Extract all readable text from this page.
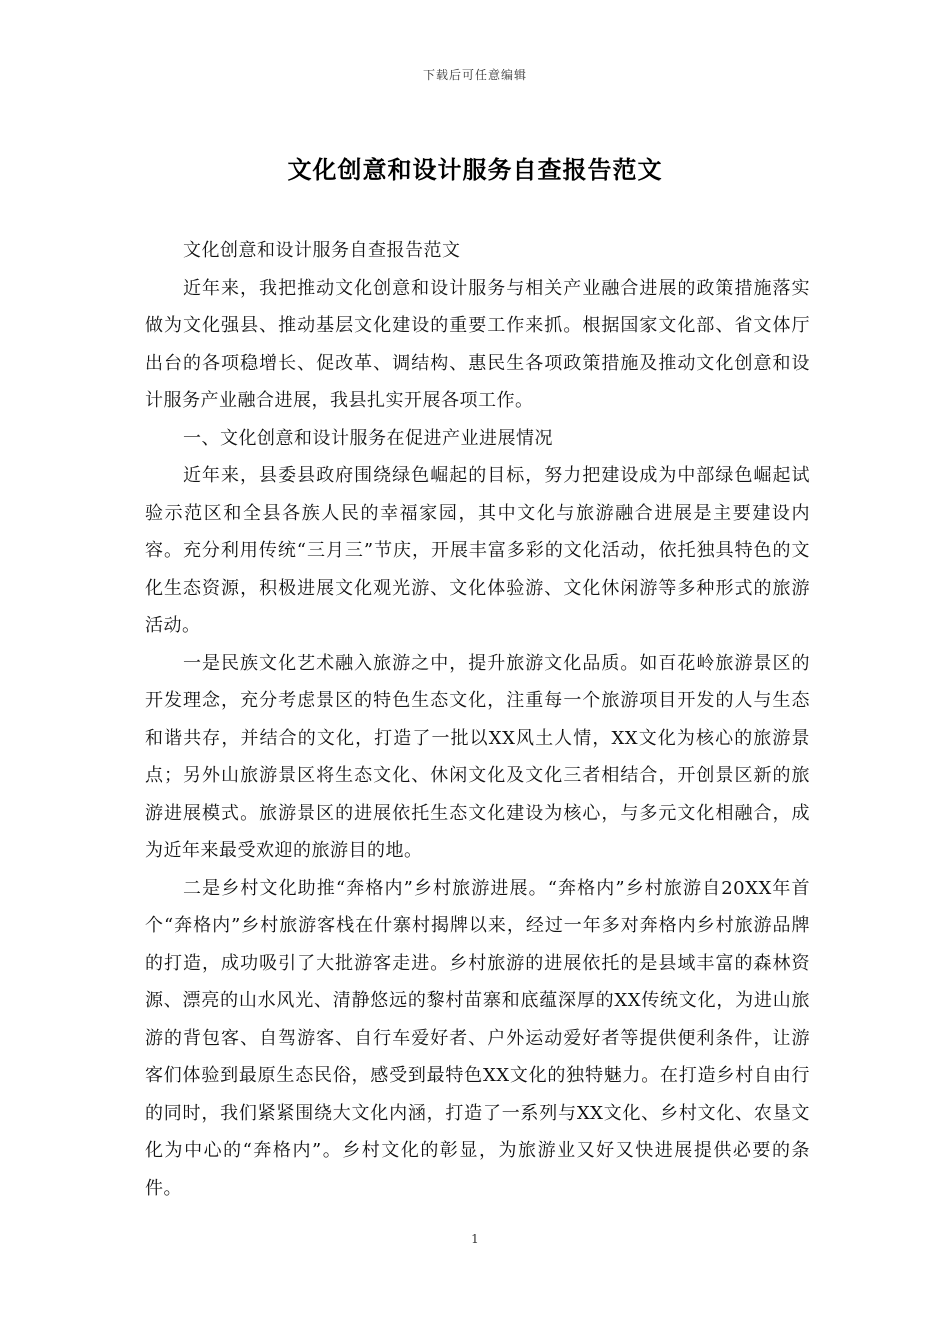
下载后可任意编辑
文化创意和设计服务自查报告范文

文化创意和设计服务自查报告范文

近年来，我把推动文化创意和设计服务与相关产业融合进展的政策措施落实做为文化强县、推动基层文化建设的重要工作来抓。根据国家文化部、省文体厅出台的各项稳增长、促改革、调结构、惠民生各项政策措施及推动文化创意和设计服务产业融合进展，我县扎实开展各项工作。

一、文化创意和设计服务在促进产业进展情况

近年来，县委县政府围绕绿色崛起的目标，努力把建设成为中部绿色崛起试验示范区和全县各族人民的幸福家园，其中文化与旅游融合进展是主要建设内容。充分利用传统“三月三”节庆，开展丰富多彩的文化活动，依托独具特色的文化生态资源，积极进展文化观光游、文化体验游、文化休闲游等多种形式的旅游活动。

一是民族文化艺术融入旅游之中，提升旅游文化品质。如百花岭旅游景区的开发理念，充分考虑景区的特色生态文化，注重每一个旅游项目开发的人与生态和谐共存，并结合的文化，打造了一批以XX风土人情，XX文化为核心的旅游景点；另外山旅游景区将生态文化、休闲文化及文化三者相结合，开创景区新的旅游进展模式。旅游景区的进展依托生态文化建设为核心，与多元文化相融合，成为近年来最受欢迎的旅游目的地。

二是乡村文化助推“奔格内”乡村旅游进展。“奔格内”乡村旅游自20XX年首个“奔格内”乡村旅游客栈在什寨村揭牌以来，经过一年多对奔格内乡村旅游品牌的打造，成功吸引了大批游客走进。乡村旅游的进展依托的是县域丰富的森林资源、漂亮的山水风光、清静悠远的黎村苗寨和底蕴深厚的XX传统文化，为进山旅游的背包客、自驾游客、自行车爱好者、户外运动爱好者等提供便利条件，让游客们体验到最原生态民俗，感受到最特色XX文化的独特魅力。在打造乡村自由行的同时，我们紧紧围绕大文化内涵，打造了一系列与XX文化、乡村文化、农垦文化为中心的“奔格内”。乡村文化的彰显，为旅游业又好又快进展提供必要的条件。

1
